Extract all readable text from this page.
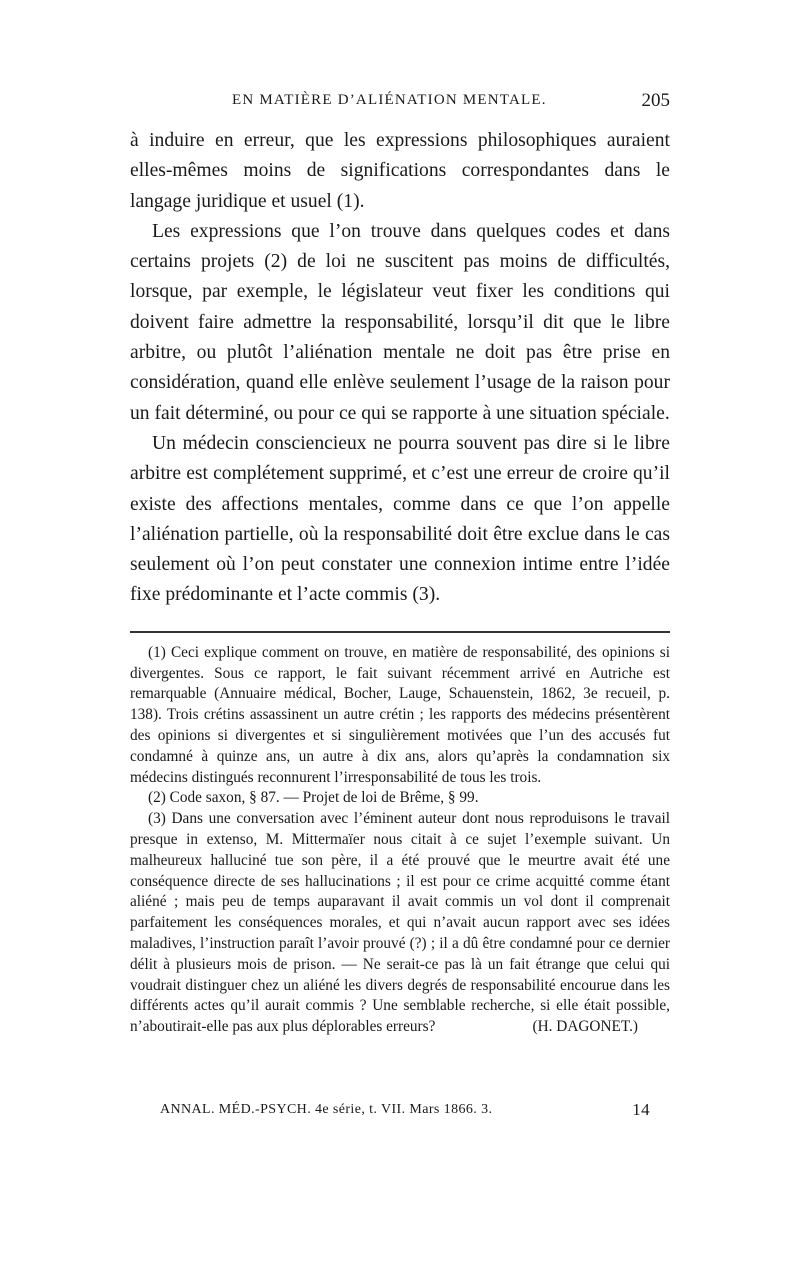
EN MATIÈRE D’ALIÉNATION MENTALE.	205

à induire en erreur, que les expressions philosophiques auraient elles-mêmes moins de significations correspondantes dans le langage juridique et usuel (1).

Les expressions que l’on trouve dans quelques codes et dans certains projets (2) de loi ne suscitent pas moins de difficultés, lorsque, par exemple, le législateur veut fixer les conditions qui doivent faire admettre la responsabilité, lorsqu’il dit que le libre arbitre, ou plutôt l’aliénation mentale ne doit pas être prise en considération, quand elle enlève seulement l’usage de la raison pour un fait déterminé, ou pour ce qui se rapporte à une situation spéciale.

Un médecin consciencieux ne pourra souvent pas dire si le libre arbitre est complétement supprimé, et c’est une erreur de croire qu’il existe des affections mentales, comme dans ce que l’on appelle l’aliénation partielle, où la responsabilité doit être exclue dans le cas seulement où l’on peut constater une connexion intime entre l’idée fixe prédominante et l’acte commis (3).

(1) Ceci explique comment on trouve, en matière de responsabilité, des opinions si divergentes. Sous ce rapport, le fait suivant récemment arrivé en Autriche est remarquable (Annuaire médical, Bocher, Lauge, Schauenstein, 1862, 3e recueil, p. 138). Trois crétins assassinent un autre crétin ; les rapports des médecins présentèrent des opinions si divergentes et si singulièrement motivées que l’un des accusés fut condamné à quinze ans, un autre à dix ans, alors qu’après la condamnation six médecins distingués reconnurent l’irresponsabilité de tous les trois.

(2) Code saxon, § 87. — Projet de loi de Brême, § 99.

(3) Dans une conversation avec l’éminent auteur dont nous reproduisons le travail presque in extenso, M. Mittermaïer nous citait à ce sujet l’exemple suivant. Un malheureux halluciné tue son père, il a été prouvé que le meurtre avait été une conséquence directe de ses hallucinations ; il est pour ce crime acquitté comme étant aliéné ; mais peu de temps auparavant il avait commis un vol dont il comprenait parfaitement les conséquences morales, et qui n’avait aucun rapport avec ses idées maladives, l’instruction paraît l’avoir prouvé (?) ; il a dû être condamné pour ce dernier délit à plusieurs mois de prison. — Ne serait-ce pas là un fait étrange que celui qui voudrait distinguer chez un aliéné les divers degrés de responsabilité encourue dans les différents actes qu’il aurait commis ? Une semblable recherche, si elle était possible, n’aboutirait-elle pas aux plus déplorables erreurs?	(H. DAGONET.)

ANNAL. MÉD.-PSYCH. 4e série, t. VII. Mars 1866. 3.	14
